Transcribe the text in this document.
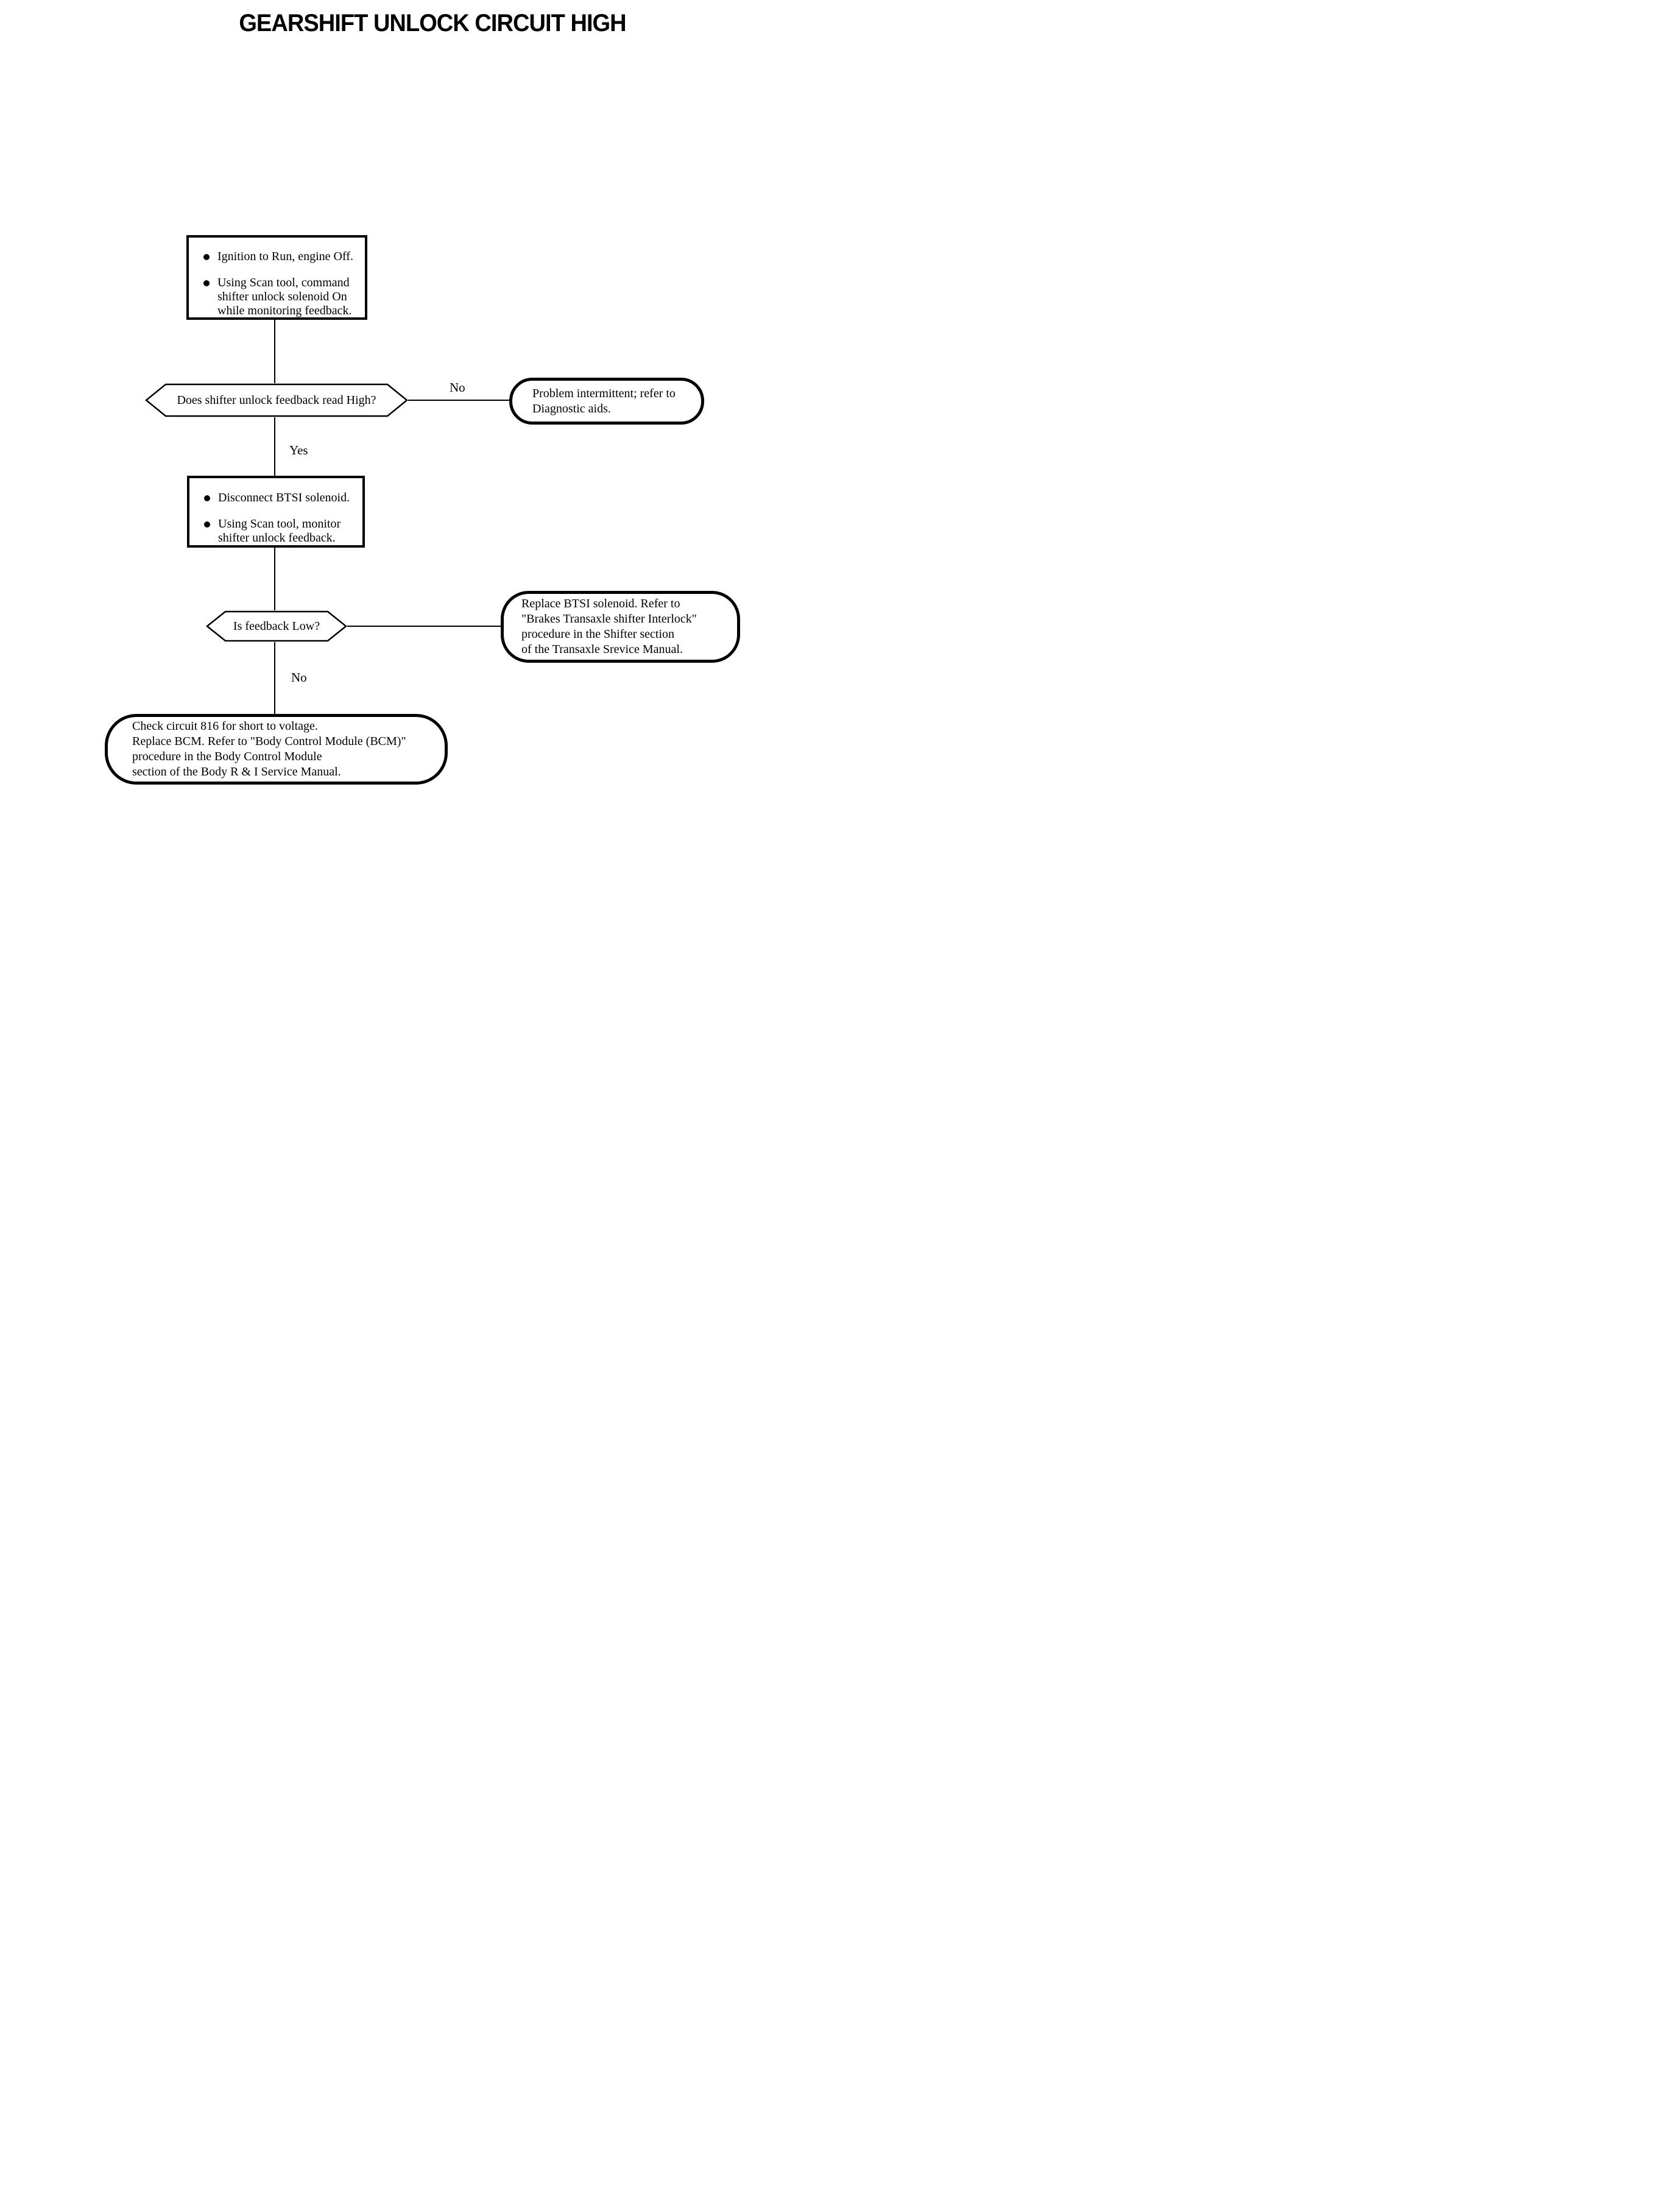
GEARSHIFT UNLOCK CIRCUIT HIGH
Ignition to Run, engine Off.
Using Scan tool, command
shifter unlock solenoid On
while monitoring feedback.
Does shifter unlock feedback read High?
No	Problem intermittent; refer to
Diagnostic aids.
Yes
Disconnect BTSI solenoid.
Using Scan tool, monitor
shifter unlock feedback.
Is feedback Low?
Replace BTSI solenoid. Refer to
"Brakes Transaxle shifter Interlock"
procedure in the Shifter section
of the Transaxle Srevice Manual.
No
Check circuit 816 for short to voltage.
Replace BCM. Refer to "Body Control Module (BCM)"
procedure in the Body Control Module
section of the Body R & I Service Manual.
